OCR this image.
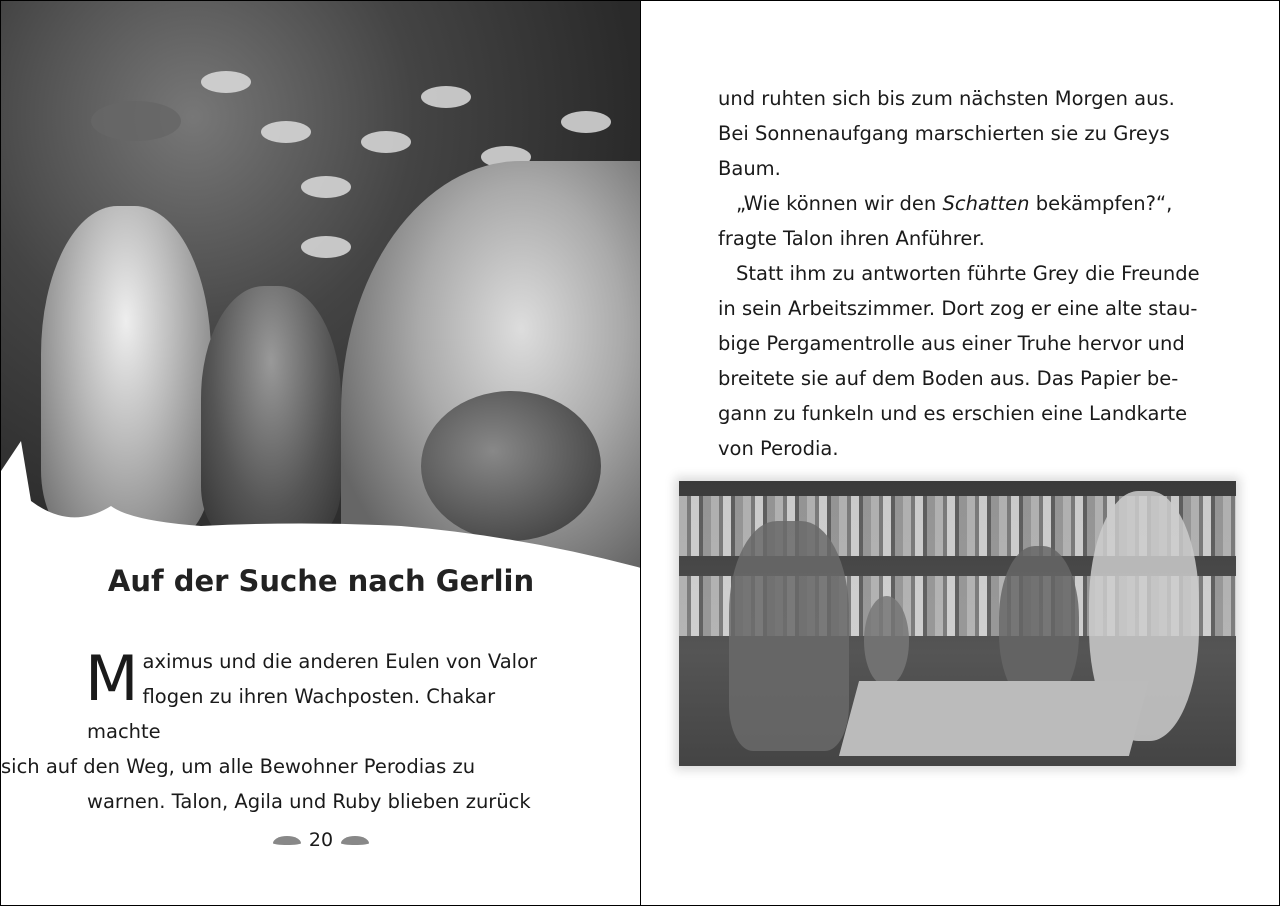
Auf der Suche nach Gerlin
M aximus und die anderen Eulen von Valor
flogen zu ihren Wachposten. Chakar machte
sich auf den Weg, um alle Bewohner Perodias zu
warnen. Talon, Agila und Ruby blieben zurück
20
und ruhten sich bis zum nächsten Morgen aus.
Bei Sonnenaufgang marschierten sie zu Greys
Baum.
„Wie können wir den Schatten bekämpfen?“,
fragte Talon ihren Anführer.
Statt ihm zu antworten führte Grey die Freunde
in sein Arbeitszimmer. Dort zog er eine alte stau-
bige Pergamentrolle aus einer Truhe hervor und
breitete sie auf dem Boden aus. Das Papier be-
gann zu funkeln und es erschien eine Landkarte
von Perodia.
